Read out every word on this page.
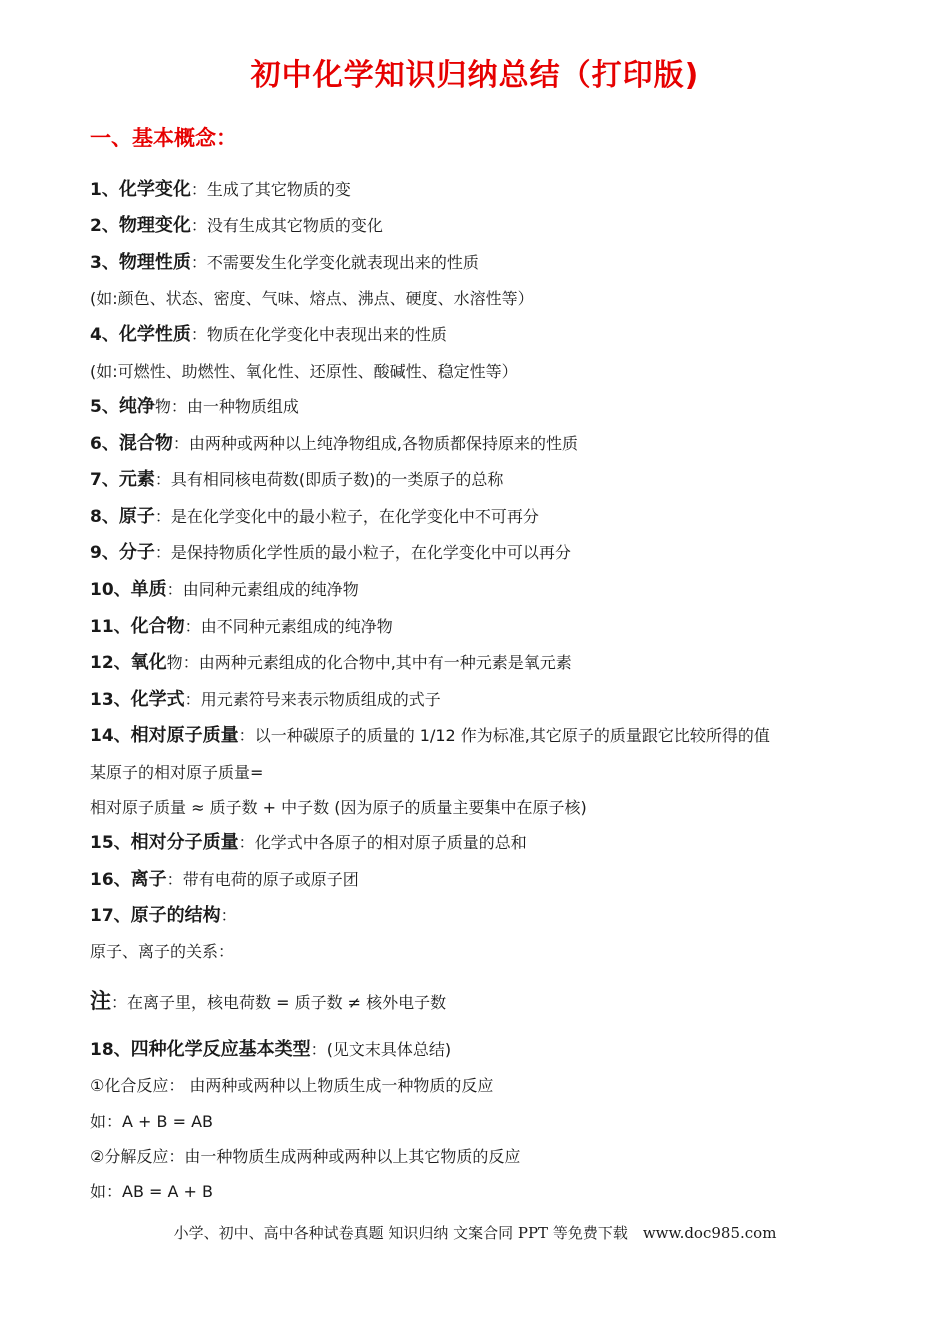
初中化学知识归纳总结（打印版)
一、基本概念：
1、化学变化：生成了其它物质的变
2、物理变化：没有生成其它物质的变化
3、物理性质：不需要发生化学变化就表现出来的性质
(如:颜色、状态、密度、气味、熔点、沸点、硬度、水溶性等）
4、化学性质：物质在化学变化中表现出来的性质
(如:可燃性、助燃性、氧化性、还原性、酸碱性、稳定性等）
5、纯净物：由一种物质组成
6、混合物：由两种或两种以上纯净物组成,各物质都保持原来的性质
7、元素：具有相同核电荷数(即质子数)的一类原子的总称
8、原子：是在化学变化中的最小粒子，在化学变化中不可再分
9、分子：是保持物质化学性质的最小粒子，在化学变化中可以再分
10、单质：由同种元素组成的纯净物
11、化合物：由不同种元素组成的纯净物
12、氧化物：由两种元素组成的化合物中,其中有一种元素是氧元素
13、化学式：用元素符号来表示物质组成的式子
14、相对原子质量：以一种碳原子的质量的 1/12 作为标准,其它原子的质量跟它比较所得的值
某原子的相对原子质量=
相对原子质量 ≈ 质子数 + 中子数 (因为原子的质量主要集中在原子核)
15、相对分子质量：化学式中各原子的相对原子质量的总和
16、离子：带有电荷的原子或原子团
17、原子的结构：
原子、离子的关系：
注：在离子里，核电荷数 = 质子数 ≠ 核外电子数
18、四种化学反应基本类型：(见文末具体总结)
①化合反应： 由两种或两种以上物质生成一种物质的反应
如：A + B = AB
②分解反应：由一种物质生成两种或两种以上其它物质的反应
如：AB = A + B
小学、初中、高中各种试卷真题 知识归纳 文案合同 PPT 等免费下载　www.doc985.com
